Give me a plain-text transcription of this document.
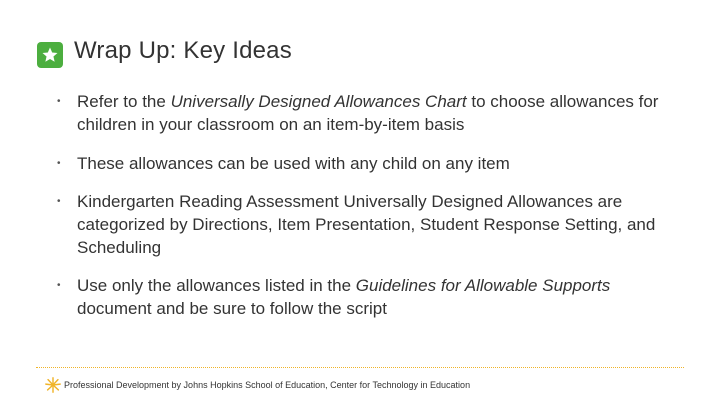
Wrap Up: Key Ideas
• Refer to the Universally Designed Allowances Chart to choose allowances for children in your classroom on an item-by-item basis
• These allowances can be used with any child on any item
• Kindergarten Reading Assessment Universally Designed Allowances are categorized by Directions, Item Presentation, Student Response Setting, and Scheduling
• Use only the allowances listed in the Guidelines for Allowable Supports document and be sure to follow the script
Professional Development by Johns Hopkins School of Education, Center for Technology in Education
